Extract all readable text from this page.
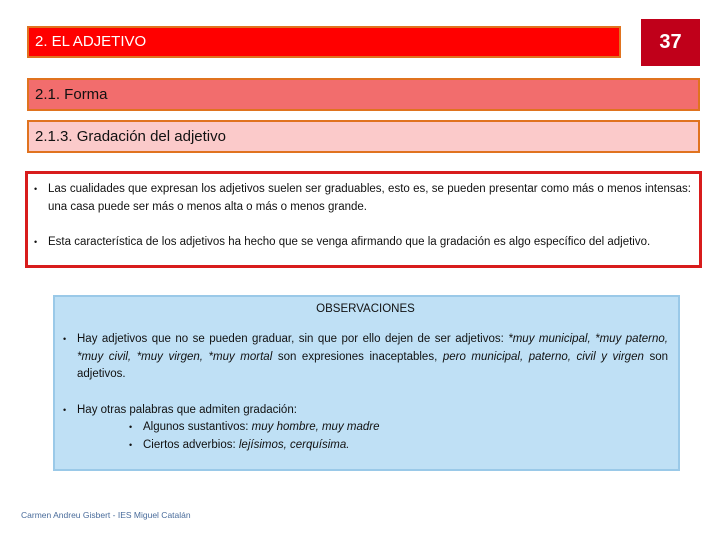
2. EL ADJETIVO	37
2.1. Forma
2.1.3. Gradación del adjetivo
• Las cualidades que expresan los adjetivos suelen ser graduables, esto es, se pueden presentar como más o menos intensas: una casa puede ser más o menos alta o más o menos grande.
• Esta característica de los adjetivos ha hecho que se venga afirmando que la gradación es algo específico del adjetivo.
OBSERVACIONES
• Hay adjetivos que no se pueden graduar, sin que por ello dejen de ser adjetivos: *muy municipal, *muy paterno, *muy civil, *muy virgen, *muy mortal son expresiones inaceptables, pero municipal, paterno, civil y virgen son adjetivos.
• Hay otras palabras que admiten gradación:
• Algunos sustantivos: muy hombre, muy madre
• Ciertos adverbios: lejísimos, cerquísima.
Carmen Andreu Gisbert - IES Miguel Catalán
